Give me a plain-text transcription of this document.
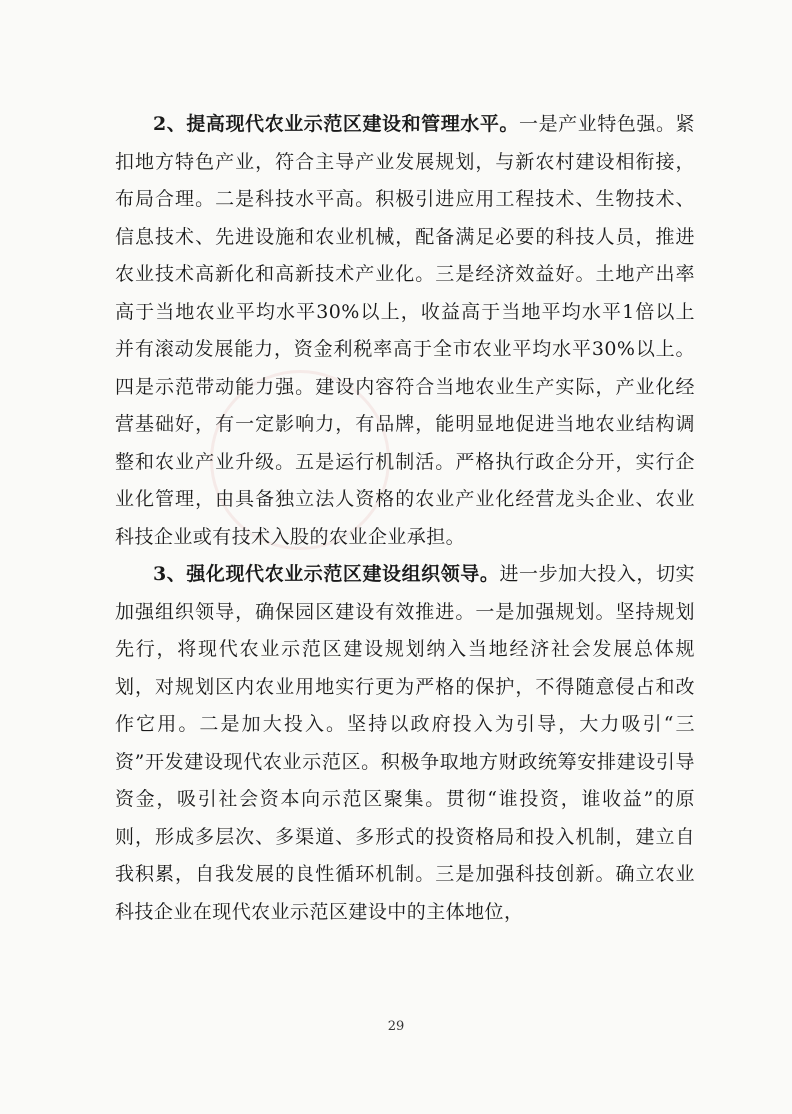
2、提高现代农业示范区建设和管理水平。一是产业特色强。紧扣地方特色产业，符合主导产业发展规划，与新农村建设相衔接，布局合理。二是科技水平高。积极引进应用工程技术、生物技术、信息技术、先进设施和农业机械，配备满足必要的科技人员，推进农业技术高新化和高新技术产业化。三是经济效益好。土地产出率高于当地农业平均水平30%以上，收益高于当地平均水平1倍以上并有滚动发展能力，资金利税率高于全市农业平均水平30%以上。四是示范带动能力强。建设内容符合当地农业生产实际，产业化经营基础好，有一定影响力，有品牌，能明显地促进当地农业结构调整和农业产业升级。五是运行机制活。严格执行政企分开，实行企业化管理，由具备独立法人资格的农业产业化经营龙头企业、农业科技企业或有技术入股的农业企业承担。

3、强化现代农业示范区建设组织领导。进一步加大投入，切实加强组织领导，确保园区建设有效推进。一是加强规划。坚持规划先行，将现代农业示范区建设规划纳入当地经济社会发展总体规划，对规划区内农业用地实行更为严格的保护，不得随意侵占和改作它用。二是加大投入。坚持以政府投入为引导，大力吸引“三资”开发建设现代农业示范区。积极争取地方财政统筹安排建设引导资金，吸引社会资本向示范区聚集。贯彻“谁投资，谁收益”的原则，形成多层次、多渠道、多形式的投资格局和投入机制，建立自我积累，自我发展的良性循环机制。三是加强科技创新。确立农业科技企业在现代农业示范区建设中的主体地位，

29
